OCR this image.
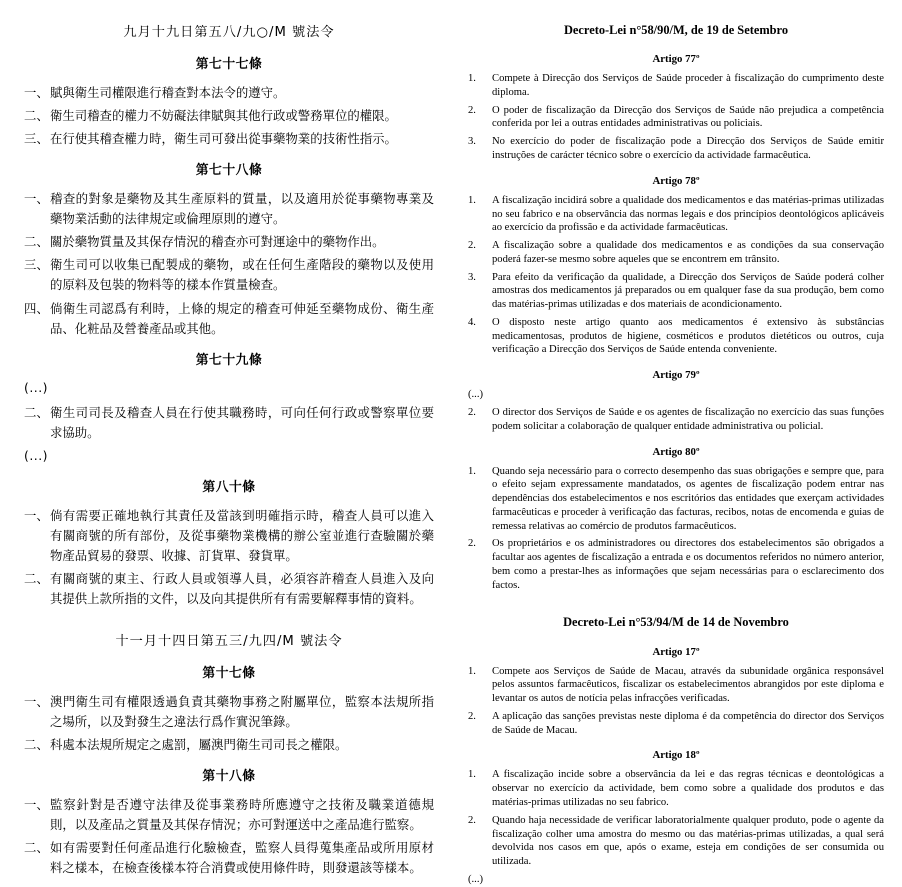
九月十九日第五八/九○/M 號法令
第七十七條
一、 賦與衛生司權限進行稽查對本法令的遵守。
二、 衛生司稽查的權力不妨礙法律賦與其他行政或警務單位的權限。
三、 在行使其稽查權力時，衛生司可發出從事藥物業的技術性指示。
第七十八條
一、 稽查的對象是藥物及其生產原料的質量，以及適用於從事藥物專業及藥物業活動的法律規定或倫理原則的遵守。
二、 關於藥物質量及其保存情況的稽查亦可對運途中的藥物作出。
三、 衛生司可以收集已配製成的藥物，或在任何生產階段的藥物以及使用的原料及包裝的物料等的樣本作質量檢查。
四、 倘衛生司認爲有利時，上條的規定的稽查可伸延至藥物成份、衛生產品、化粧品及營養產品或其他。
第七十九條
(...)
二、 衛生司司長及稽查人員在行使其職務時，可向任何行政或警察單位要求協助。
(...)
第八十條
一、 倘有需要正確地執行其責任及當該到明確指示時，稽查人員可以進入有關商號的所有部份，及從事藥物業機構的辦公室並進行查驗關於藥物產品貿易的發票、收據、訂貨單、發貨單。
二、 有關商號的東主、行政人員或領導人員，必須容許稽查人員進入及向其提供上款所指的文件，以及向其提供所有有需要解釋事情的資料。
十一月十四日第五三/九四/M 號法令
第十七條
一、 澳門衛生司有權限透過負責其藥物事務之附屬單位，監察本法規所指之場所，以及對發生之違法行爲作實況筆錄。
二、 科處本法規所規定之處罰，屬澳門衛生司司長之權限。
第十八條
一、 監察針對是否遵守法律及從事業務時所應遵守之技術及職業道德規則，以及產品之質量及其保存情況；亦可對運送中之產品進行監察。
二、 如有需要對任何產品進行化驗檢查，監察人員得蒐集產品或所用原材料之樣本，在檢查後樣本符合消費或使用條件時，則發還該等樣本。
Decreto-Lei n°58/90/M, de 19 de Setembro
Artigo 77º
1.	Compete à Direcção dos Serviços de Saúde proceder à fiscalização do cumprimento deste diploma.
2.	O poder de fiscalização da Direcção dos Serviços de Saúde não prejudica a competência conferida por lei a outras entidades administrativas ou policiais.
3.	No exercício do poder de fiscalização pode a Direcção dos Serviços de Saúde emitir instruções de carácter técnico sobre o exercício da actividade farmacêutica.
Artigo 78º
1.	A fiscalização incidirá sobre a qualidade dos medicamentos e das matérias-primas utilizadas no seu fabrico e na observância das normas legais e dos princípios deontológicos aplicáveis ao exercício da profissão e da actividade farmacêuticas.
2.	A fiscalização sobre a qualidade dos medicamentos e as condições da sua conservação poderá fazer-se mesmo sobre aqueles que se encontrem em trânsito.
3.	Para efeito da verificação da qualidade, a Direcção dos Serviços de Saúde poderá colher amostras dos medicamentos já preparados ou em qualquer fase da sua produção, bem como das matérias-primas utilizadas e dos materiais de acondicionamento.
4.	O disposto neste artigo quanto aos medicamentos é extensivo às substâncias medicamentosas, produtos de higiene, cosméticos e produtos dietéticos ou outros, cuja verificação a Direcção dos Serviços de Saúde entenda conveniente.
Artigo 79º
(...)
2.	O director dos Serviços de Saúde e os agentes de fiscalização no exercício das suas funções podem solicitar a colaboração de qualquer entidade administrativa ou policial.
Artigo 80º
1.	Quando seja necessário para o correcto desempenho das suas obrigações e sempre que, para o efeito sejam expressamente mandatados, os agentes de fiscalização podem entrar nas dependências dos estabelecimentos e nos escritórios das entidades que exerçam actividades farmacêuticas e proceder à verificação das facturas, recibos, notas de encomenda e guias de remessa relativas ao comércio de produtos farmacêuticos.
2.	Os proprietários e os administradores ou directores dos estabelecimentos são obrigados a facultar aos agentes de fiscalização a entrada e os documentos referidos no número anterior, bem como a prestar-lhes as informações que sejam necessárias para o esclarecimento dos factos.
Decreto-Lei n°53/94/M de 14 de Novembro
Artigo 17º
1.	Compete aos Serviços de Saúde de Macau, através da subunidade orgânica responsável pelos assuntos farmacêuticos, fiscalizar os estabelecimentos abrangidos por este diploma e levantar os autos de notícia pelas infracções verificadas.
2.	A aplicação das sanções previstas neste diploma é da competência do director dos Serviços de Saúde de Macau.
Artigo 18º
1.	A fiscalização incide sobre a observância da lei e das regras técnicas e deontológicas a observar no exercício da actividade, bem como sobre a qualidade dos produtos e das matérias-primas utilizadas no seu fabrico.
2.	Quando haja necessidade de verificar laboratorialmente qualquer produto, pode o agente da fiscalização colher uma amostra do mesmo ou das matérias-primas utilizadas, a qual será devolvida nos casos em que, após o exame, esteja em condições de ser consumida ou utilizada.
(...)
